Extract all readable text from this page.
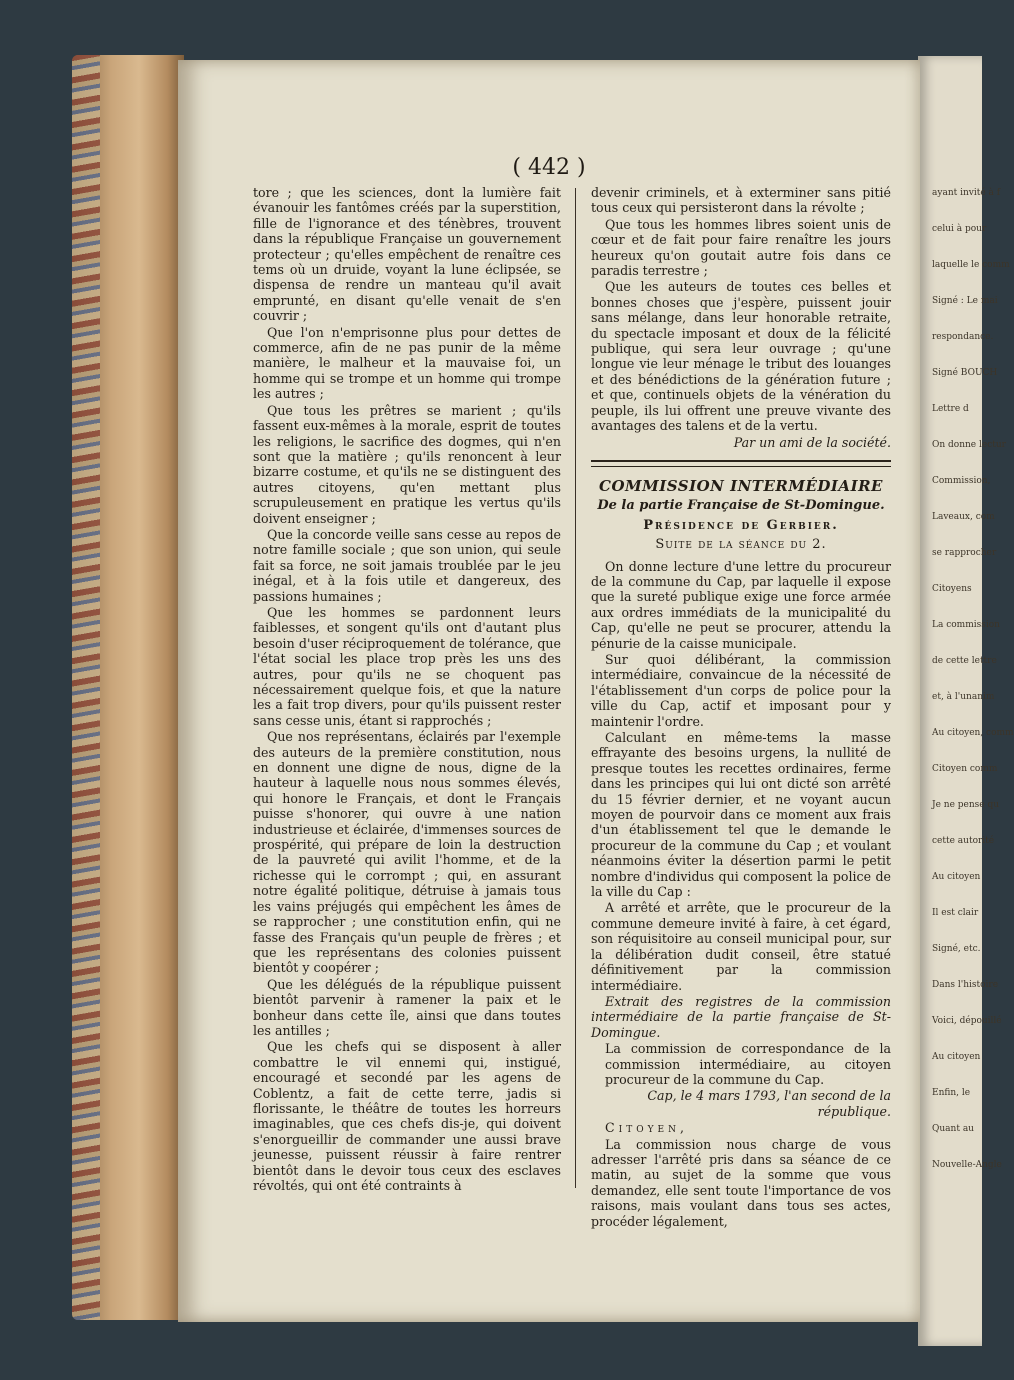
ayant invité à f
celui à pour
laquelle le comm
Signé : Le mai
respondance.
Signé BOUCH
Lettre d
On donne lectur
Commission,
Laveaux, com
se rapprocher
Citoyens
La commission
de cette lettre
et, à l'unanim
Au citoyen, comm
Citoyen comm
Je ne pense qu
cette autorité
Au citoyen
Il est clair
Signé, etc.
Dans l'histoire
Voici, dépouillé
Au citoyen
Enfin, le
Quant au
Nouvelle-Angle
( 442 )

tore ; que les sciences, dont la lumière fait évanouir les fantômes créés par la superstition, fille de l'ignorance et des ténèbres, trouvent dans la république Française un gouvernement protecteur ; qu'elles empêchent de renaître ces tems où un druide, voyant la lune éclipsée, se dispensa de rendre un manteau qu'il avait emprunté, en disant qu'elle venait de s'en couvrir ;

Que l'on n'emprisonne plus pour dettes de commerce, afin de ne pas punir de la même manière, le malheur et la mauvaise foi, un homme qui se trompe et un homme qui trompe les autres ;

Que tous les prêtres se marient ; qu'ils fassent eux-mêmes à la morale, esprit de toutes les religions, le sacrifice des dogmes, qui n'en sont que la matière ; qu'ils renoncent à leur bizarre costume, et qu'ils ne se distinguent des autres citoyens, qu'en mettant plus scrupuleusement en pratique les vertus qu'ils doivent enseigner ;

Que la concorde veille sans cesse au repos de notre famille sociale ; que son union, qui seule fait sa force, ne soit jamais troublée par le jeu inégal, et à la fois utile et dangereux, des passions humaines ;

Que les hommes se pardonnent leurs faiblesses, et songent qu'ils ont d'autant plus besoin d'user réciproquement de tolérance, que l'état social les place trop près les uns des autres, pour qu'ils ne se choquent pas nécessairement quelque fois, et que la nature les a fait trop divers, pour qu'ils puissent rester sans cesse unis, étant si rapprochés ;

Que nos représentans, éclairés par l'exemple des auteurs de la première constitution, nous en donnent une digne de nous, digne de la hauteur à laquelle nous nous sommes élevés, qui honore le Français, et dont le Français puisse s'honorer, qui ouvre à une nation industrieuse et éclairée, d'immenses sources de prospérité, qui prépare de loin la destruction de la pauvreté qui avilit l'homme, et de la richesse qui le corrompt ; qui, en assurant notre égalité politique, détruise à jamais tous les vains préjugés qui empêchent les âmes de se rapprocher ; une constitution enfin, qui ne fasse des Français qu'un peuple de frères ; et que les représentans des colonies puissent bientôt y coopérer ;

Que les délégués de la république puissent bientôt parvenir à ramener la paix et le bonheur dans cette île, ainsi que dans toutes les antilles ;

Que les chefs qui se disposent à aller combattre le vil ennemi qui, instigué, encouragé et secondé par les agens de Coblentz, a fait de cette terre, jadis si florissante, le théâtre de toutes les horreurs imaginables, que ces chefs dis-je, qui doivent s'enorgueillir de commander une aussi brave jeunesse, puissent réussir à faire rentrer bientôt dans le devoir tous ceux des esclaves révoltés, qui ont été contraints à

devenir criminels, et à exterminer sans pitié tous ceux qui persisteront dans la révolte ;

Que tous les hommes libres soient unis de cœur et de fait pour faire renaître les jours heureux qu'on goutait autre fois dans ce paradis terrestre ;

Que les auteurs de toutes ces belles et bonnes choses que j'espère, puissent jouir sans mélange, dans leur honorable retraite, du spectacle imposant et doux de la félicité publique, qui sera leur ouvrage ; qu'une longue vie leur ménage le tribut des louanges et des bénédictions de la génération future ; et que, continuels objets de la vénération du peuple, ils lui offrent une preuve vivante des avantages des talens et de la vertu.

Par un ami de la société.

COMMISSION INTERMÉDIAIRE
De la partie Française de St-Domingue.
Présidence de Gerbier.
Suite de la séance du 2.

On donne lecture d'une lettre du procureur de la commune du Cap, par laquelle il expose que la sureté publique exige une force armée aux ordres immédiats de la municipalité du Cap, qu'elle ne peut se procurer, attendu la pénurie de la caisse municipale.

Sur quoi délibérant, la commission intermédiaire, convaincue de la nécessité de l'établissement d'un corps de police pour la ville du Cap, actif et imposant pour y maintenir l'ordre.

Calculant en même-tems la masse effrayante des besoins urgens, la nullité de presque toutes les recettes ordinaires, ferme dans les principes qui lui ont dicté son arrêté du 15 février dernier, et ne voyant aucun moyen de pourvoir dans ce moment aux frais d'un établissement tel que le demande le procureur de la commune du Cap ; et voulant néanmoins éviter la désertion parmi le petit nombre d'individus qui composent la police de la ville du Cap :

A arrêté et arrête, que le procureur de la commune demeure invité à faire, à cet égard, son réquisitoire au conseil municipal pour, sur la délibération dudit conseil, être statué définitivement par la commission intermédiaire.

Extrait des registres de la commission intermédiaire de la partie française de St-Domingue.

La commission de correspondance de la commission intermédiaire, au citoyen procureur de la commune du Cap.

Cap, le 4 mars 1793, l'an second de la république.

Citoyen,

La commission nous charge de vous adresser l'arrêté pris dans sa séance de ce matin, au sujet de la somme que vous demandez, elle sent toute l'importance de vos raisons, mais voulant dans tous ses actes, procéder légalement,
